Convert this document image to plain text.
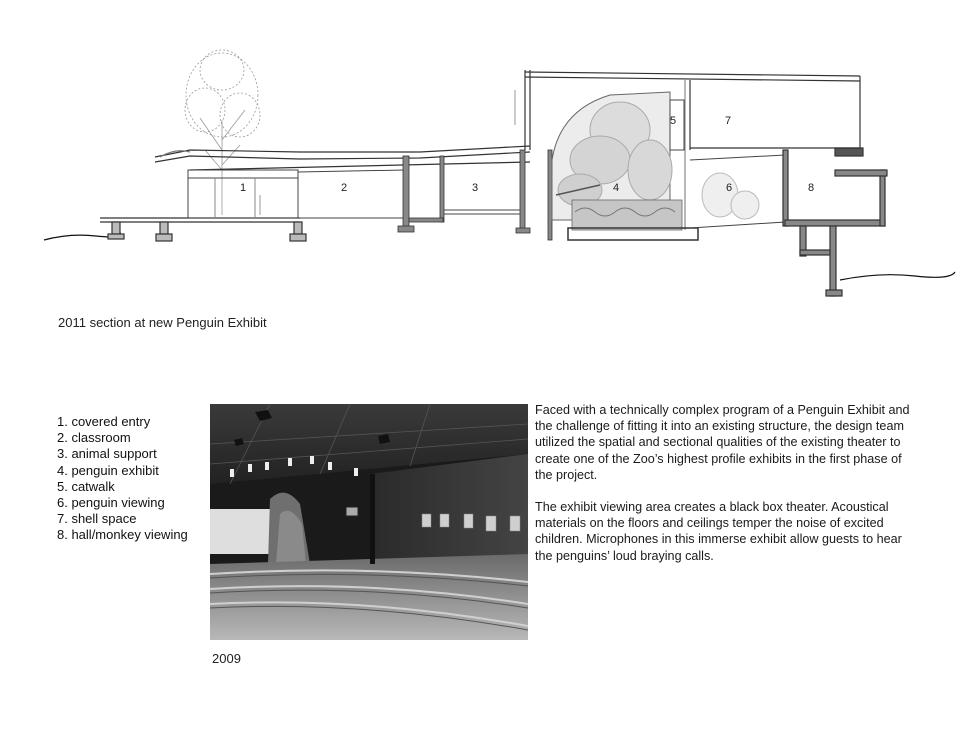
1	2	3	4
5	7
6	8
2011 section at new Penguin Exhibit
1. covered entry
2. classroom
3. animal support
4. penguin exhibit
5. catwalk
6. penguin viewing
7. shell space
8. hall/monkey viewing
2009

Faced with a technically complex program of a Penguin Exhibit and the challenge of fitting it into an existing structure, the design team utilized the spatial and sectional qualities of the existing theater to create one of the Zoo’s highest profile exhibits in the first phase of the project.

The exhibit viewing area creates a black box theater. Acoustical materials on the floors and ceilings temper the noise of excited children. Microphones in this immerse exhibit allow guests to hear the penguins’ loud braying calls.
